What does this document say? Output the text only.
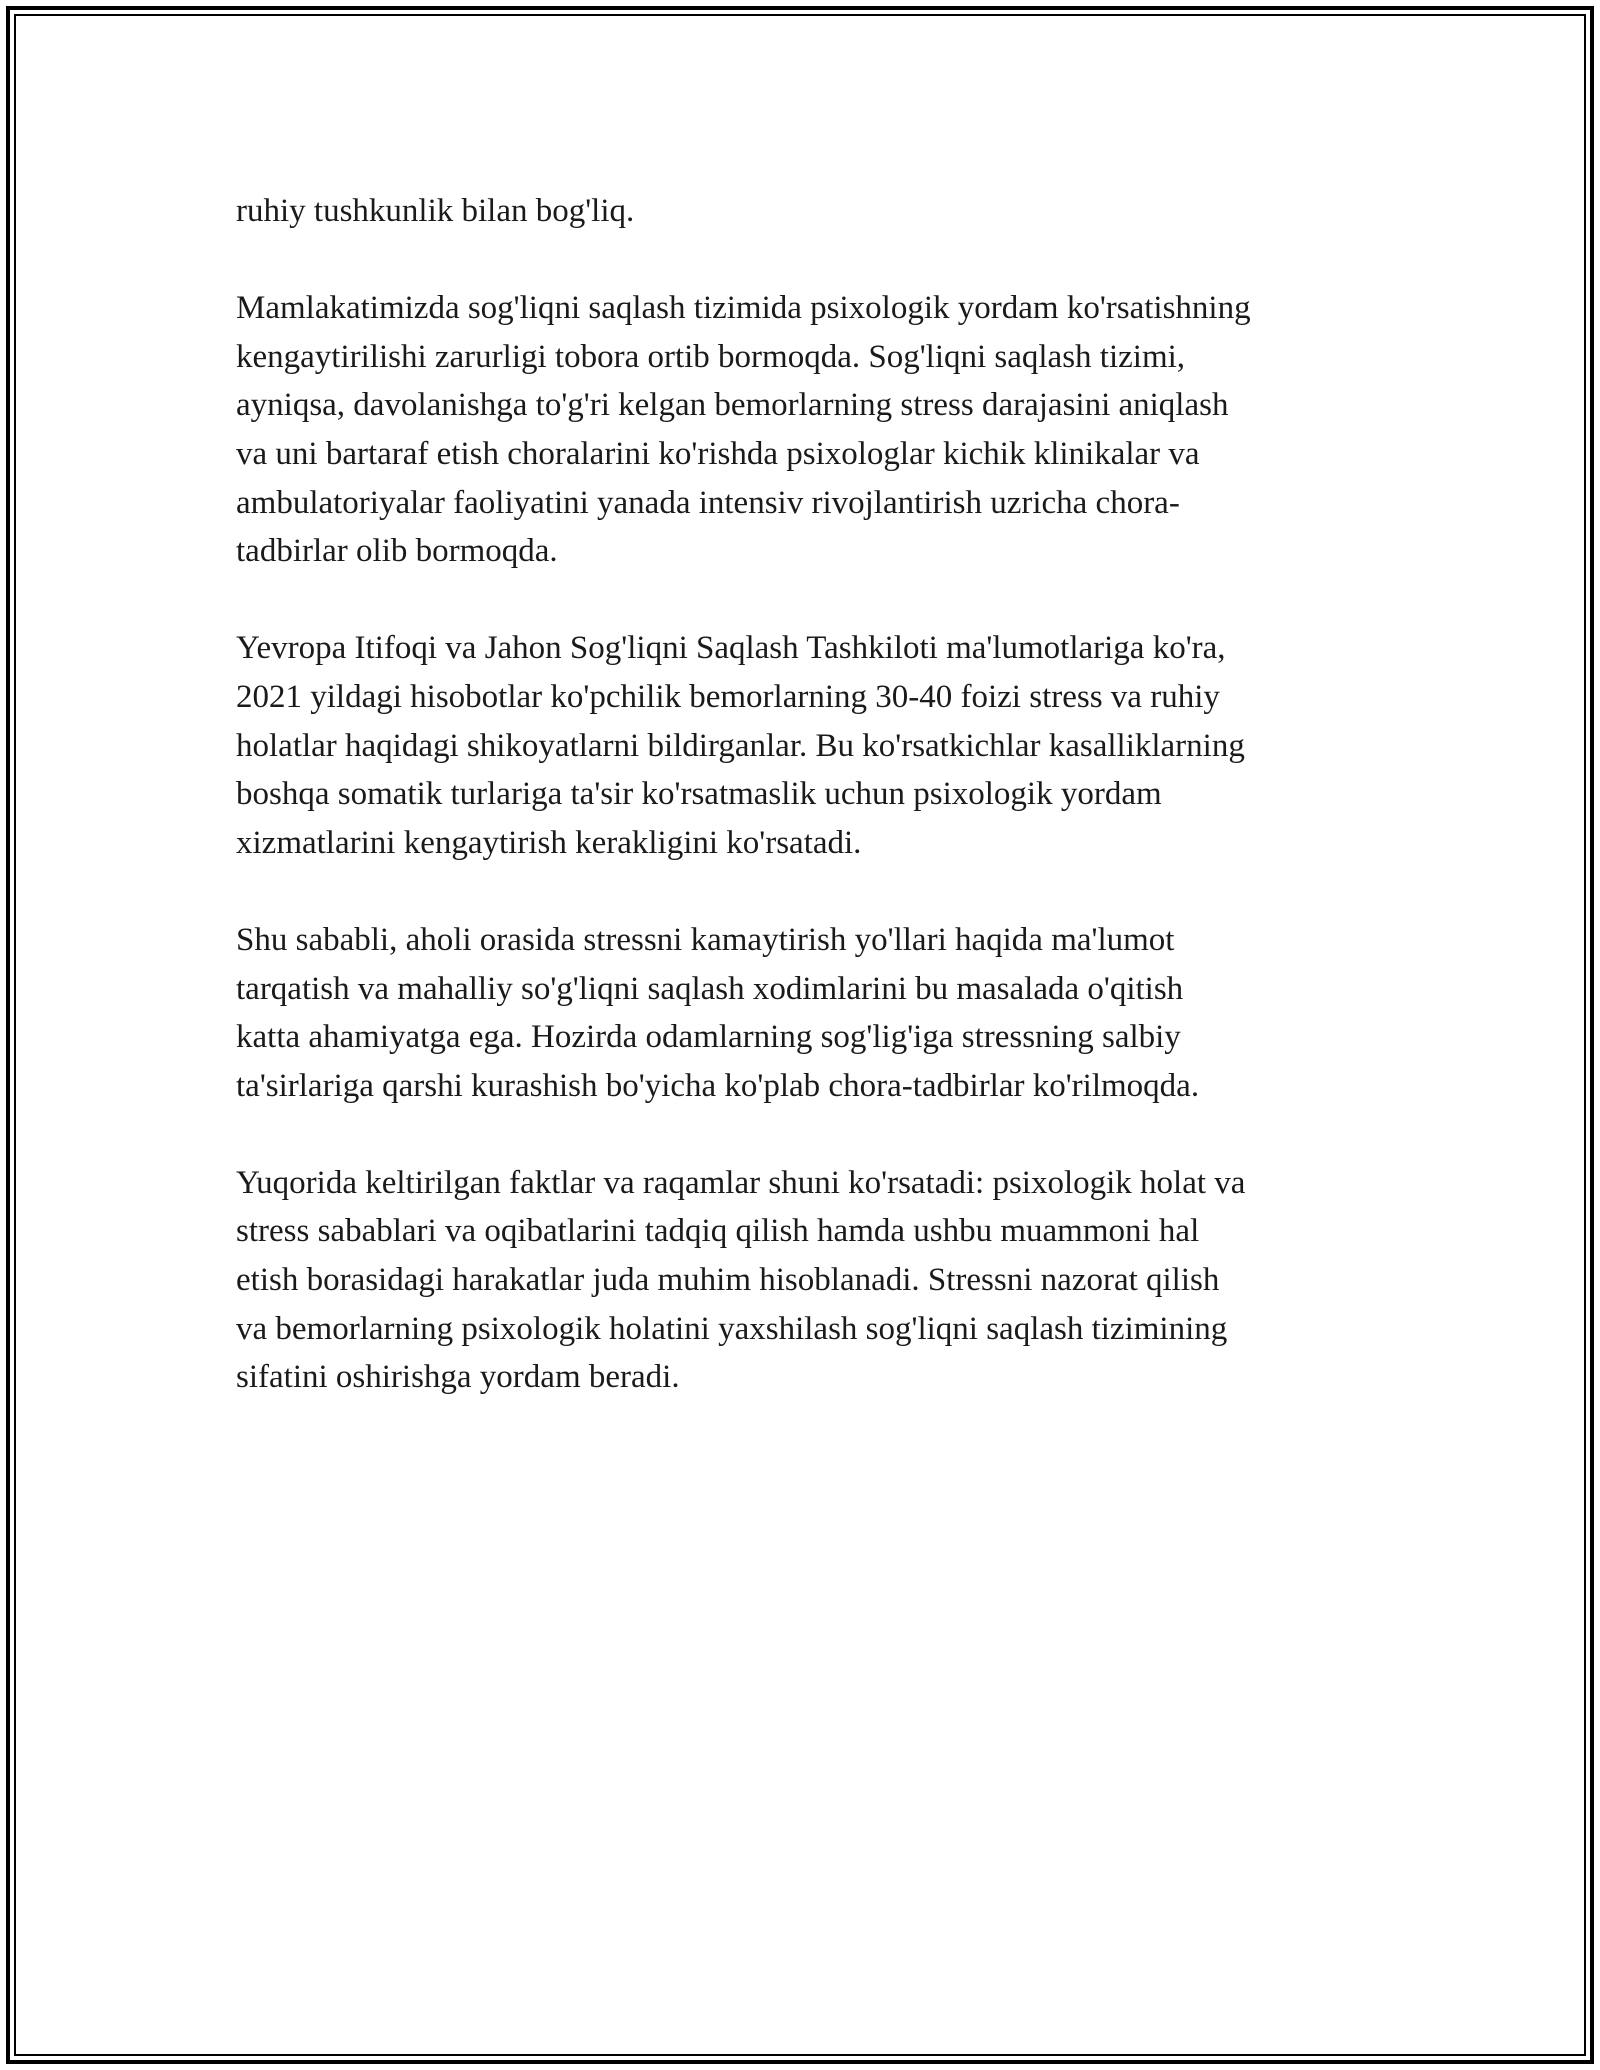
ruhiy tushkunlik bilan bog'liq.

Mamlakatimizda sog'liqni saqlash tizimida psixologik yordam ko'rsatishning
kengaytirilishi zarurligi tobora ortib bormoqda. Sog'liqni saqlash tizimi,
ayniqsa, davolanishga to'g'ri kelgan bemorlarning stress darajasini aniqlash
va uni bartaraf etish choralarini ko'rishda psixologlar kichik klinikalar va
ambulatoriyalar faoliyatini yanada intensiv rivojlantirish uzricha chora-
tadbirlar olib bormoqda.

Yevropa Itifoqi va Jahon Sog'liqni Saqlash Tashkiloti ma'lumotlariga ko'ra,
2021 yildagi hisobotlar ko'pchilik bemorlarning 30-40 foizi stress va ruhiy
holatlar haqidagi shikoyatlarni bildirganlar. Bu ko'rsatkichlar kasalliklarning
boshqa somatik turlariga ta'sir ko'rsatmaslik uchun psixologik yordam
xizmatlarini kengaytirish kerakligini ko'rsatadi.

Shu sababli, aholi orasida stressni kamaytirish yo'llari haqida ma'lumot
tarqatish va mahalliy so'g'liqni saqlash xodimlarini bu masalada o'qitish
katta ahamiyatga ega. Hozirda odamlarning sog'lig'iga stressning salbiy
ta'sirlariga qarshi kurashish bo'yicha ko'plab chora-tadbirlar ko'rilmoqda.

Yuqorida keltirilgan faktlar va raqamlar shuni ko'rsatadi: psixologik holat va
stress sabablari va oqibatlarini tadqiq qilish hamda ushbu muammoni hal
etish borasidagi harakatlar juda muhim hisoblanadi. Stressni nazorat qilish
va bemorlarning psixologik holatini yaxshilash sog'liqni saqlash tizimining
sifatini oshirishga yordam beradi.
